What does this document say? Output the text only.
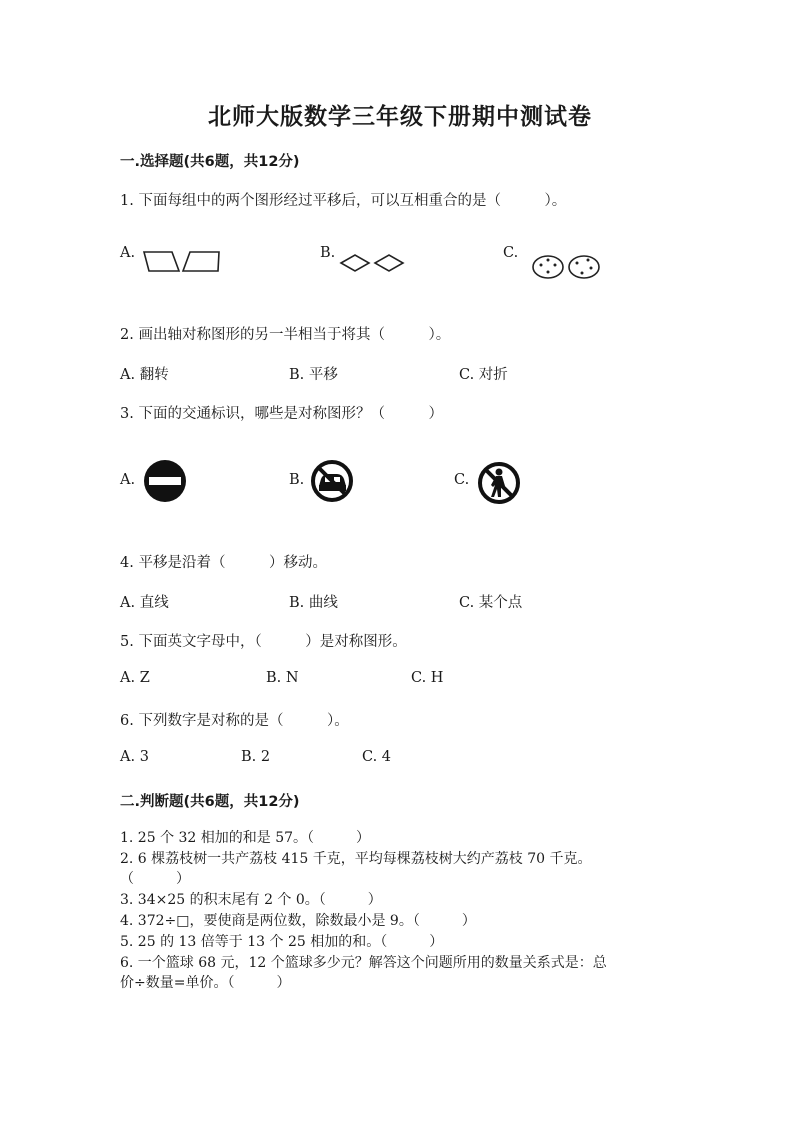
北师大版数学三年级下册期中测试卷
一.选择题(共6题，共12分)
1. 下面每组中的两个图形经过平移后，可以互相重合的是（　　　）。
A.	B.	C.
2. 画出轴对称图形的另一半相当于将其（　　　）。
A. 翻转	B. 平移	C. 对折
3. 下面的交通标识，哪些是对称图形？（　　　）
A.	B.	C.
4. 平移是沿着（　　　）移动。
A. 直线	B. 曲线	C. 某个点
5. 下面英文字母中，（　　　）是对称图形。
A. Z	B. N	C. H
6. 下列数字是对称的是（　　　）。
A. 3	B. 2	C. 4
二.判断题(共6题，共12分)
1. 25 个 32 相加的和是 57。（　　　）
2. 6 棵荔枝树一共产荔枝 415 千克，平均每棵荔枝树大约产荔枝 70 千克。
（　　　）
3. 34×25 的积末尾有 2 个 0。（　　　）
4. 372÷□，要使商是两位数，除数最小是 9。（　　　）
5. 25 的 13 倍等于 13 个 25 相加的和。（　　　）
6. 一个篮球 68 元，12 个篮球多少元？解答这个问题所用的数量关系式是：总
价÷数量=单价。（　　　）
